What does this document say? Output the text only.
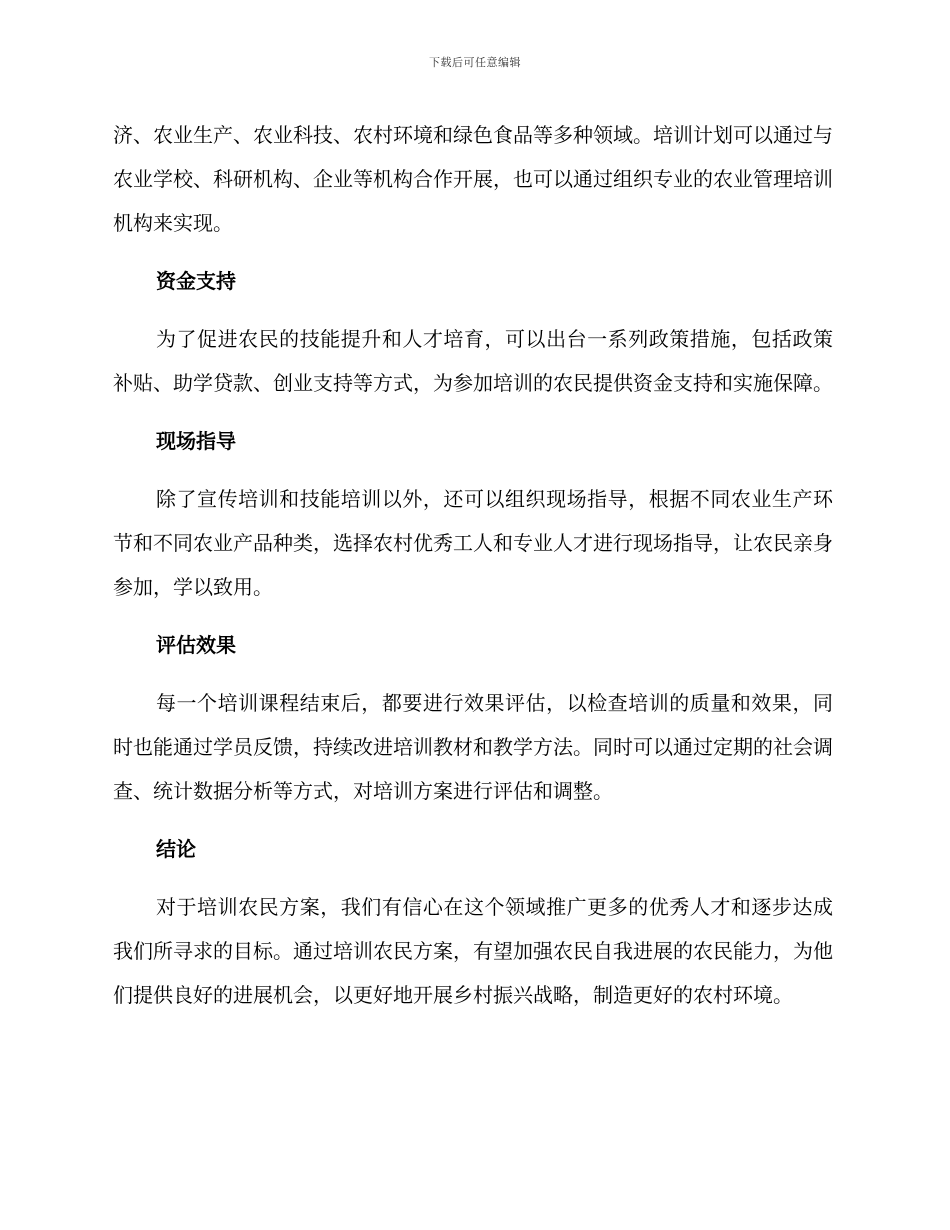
下载后可任意编辑

济、农业生产、农业科技、农村环境和绿色食品等多种领域。培训计划可以通过与农业学校、科研机构、企业等机构合作开展，也可以通过组织专业的农业管理培训机构来实现。

资金支持

为了促进农民的技能提升和人才培育，可以出台一系列政策措施，包括政策补贴、助学贷款、创业支持等方式，为参加培训的农民提供资金支持和实施保障。

现场指导

除了宣传培训和技能培训以外，还可以组织现场指导，根据不同农业生产环节和不同农业产品种类，选择农村优秀工人和专业人才进行现场指导，让农民亲身参加，学以致用。

评估效果

每一个培训课程结束后，都要进行效果评估，以检查培训的质量和效果，同时也能通过学员反馈，持续改进培训教材和教学方法。同时可以通过定期的社会调查、统计数据分析等方式，对培训方案进行评估和调整。

结论

对于培训农民方案，我们有信心在这个领域推广更多的优秀人才和逐步达成我们所寻求的目标。通过培训农民方案，有望加强农民自我进展的农民能力，为他们提供良好的进展机会，以更好地开展乡村振兴战略，制造更好的农村环境。
